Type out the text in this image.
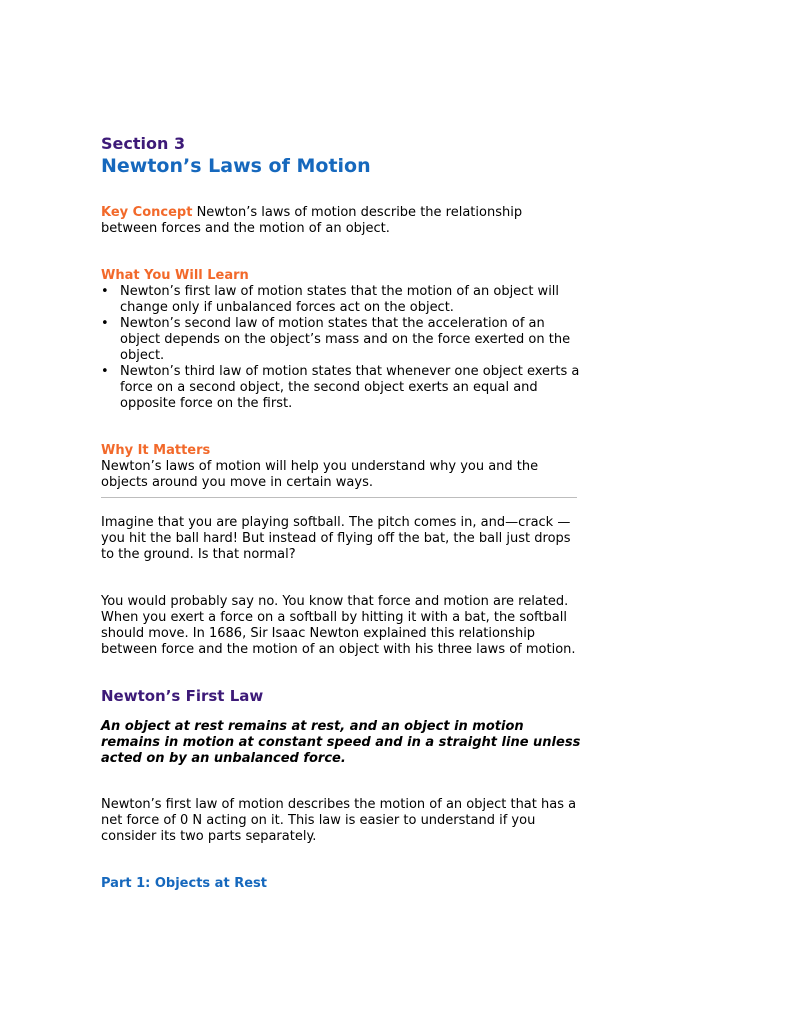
Section 3
Newton’s Laws of Motion

Key Concept Newton’s laws of motion describe the relationship between forces and the motion of an object.

What You Will Learn
• Newton’s first law of motion states that the motion of an object will change only if unbalanced forces act on the object.
• Newton’s second law of motion states that the acceleration of an object depends on the object’s mass and on the force exerted on the object.
• Newton’s third law of motion states that whenever one object exerts a force on a second object, the second object exerts an equal and opposite force on the first.
Why It Matters

Newton’s laws of motion will help you understand why you and the objects around you move in certain ways.

Imagine that you are playing softball. The pitch comes in, and—crack — you hit the ball hard! But instead of flying off the bat, the ball just drops to the ground. Is that normal?

You would probably say no. You know that force and motion are related. When you exert a force on a softball by hitting it with a bat, the softball should move. In 1686, Sir Isaac Newton explained this relationship between force and the motion of an object with his three laws of motion.

Newton’s First Law

An object at rest remains at rest, and an object in motion remains in motion at constant speed and in a straight line unless acted on by an unbalanced force.

Newton’s first law of motion describes the motion of an object that has a net force of 0 N acting on it. This law is easier to understand if you consider its two parts separately.

Part 1: Objects at Rest
